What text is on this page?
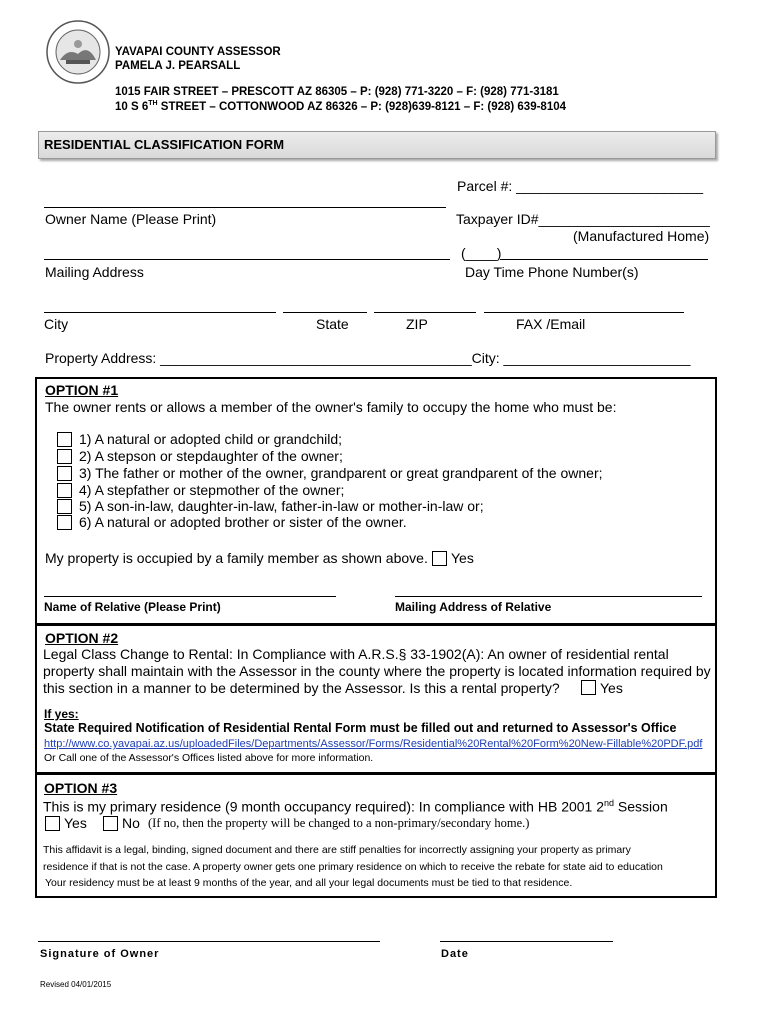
YAVAPAI COUNTY ASSESSOR
PAMELA J. PEARSALL
1015 FAIR STREET – PRESCOTT AZ 86305 – P: (928) 771-3220 – F: (928) 771-3181
10 S 6TH STREET – COTTONWOOD AZ 86326 – P: (928)639-8121 – F: (928) 639-8104
RESIDENTIAL CLASSIFICATION FORM
Parcel #: ________________________
Owner Name (Please Print)	Taxpayer ID#______________________
(Manufactured Home)
(____)
Mailing Address	Day Time Phone Number(s)
City	State	ZIP	FAX /Email
Property Address: ________________________________________City: ________________________
OPTION #1
The owner rents or allows a member of the owner's family to occupy the home who must be:
1) A natural or adopted child or grandchild;
2) A stepson or stepdaughter of the owner;
3) The father or mother of the owner, grandparent or great grandparent of the owner;
4) A stepfather or stepmother of the owner;
5) A son-in-law, daughter-in-law, father-in-law or mother-in-law or;
6) A natural or adopted brother or sister of the owner.
My property is occupied by a family member as shown above. Yes
Name of Relative (Please Print)	Mailing Address of Relative
OPTION #2
Legal Class Change to Rental: In Compliance with A.R.S.§ 33-1902(A): An owner of residential rental
property shall maintain with the Assessor in the county where the property is located information required by
this section in a manner to be determined by the Assessor. Is this a rental property?	Yes
If yes:
State Required Notification of Residential Rental Form must be filled out and returned to Assessor's Office
http://www.co.yavapai.az.us/uploadedFiles/Departments/Assessor/Forms/Residential%20Rental%20Form%20New-Fillable%20PDF.pdf
Or Call one of the Assessor's Offices listed above for more information.
OPTION #3
This is my primary residence (9 month occupancy required): In compliance with HB 2001 2nd Session
Yes	No (If no, then the property will be changed to a non-primary/secondary home.)
This affidavit is a legal, binding, signed document and there are stiff penalties for incorrectly assigning your property as primary
residence if that is not the case. A property owner gets one primary residence on which to receive the rebate for state aid to education
Your residency must be at least 9 months of the year, and all your legal documents must be tied to that residence.
Signature of Owner	Date
Revised 04/01/2015
